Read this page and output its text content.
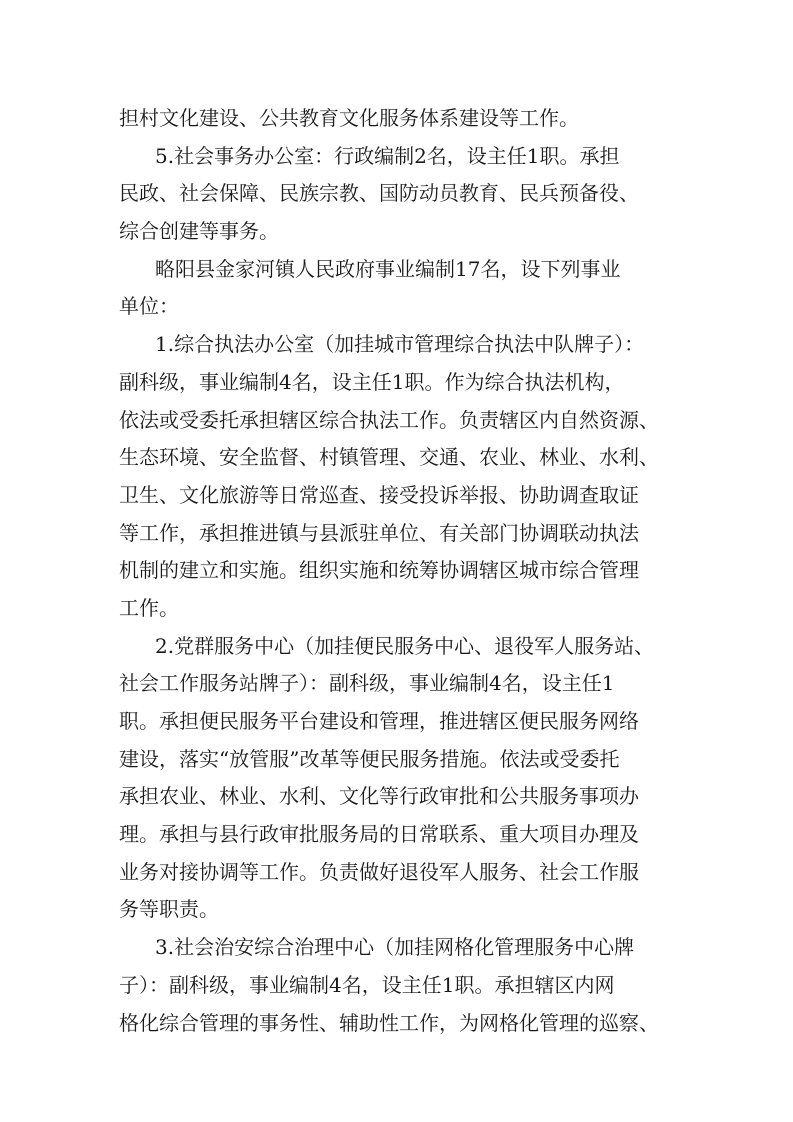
担村文化建设、公共教育文化服务体系建设等工作。
5.社会事务办公室：行政编制2名，设主任1职。承担
民政、社会保障、民族宗教、国防动员教育、民兵预备役、
综合创建等事务。
略阳县金家河镇人民政府事业编制17名，设下列事业
单位：
1.综合执法办公室（加挂城市管理综合执法中队牌子）：
副科级，事业编制4名，设主任1职。作为综合执法机构，
依法或受委托承担辖区综合执法工作。负责辖区内自然资源、
生态环境、安全监督、村镇管理、交通、农业、林业、水利、
卫生、文化旅游等日常巡查、接受投诉举报、协助调查取证
等工作，承担推进镇与县派驻单位、有关部门协调联动执法
机制的建立和实施。组织实施和统筹协调辖区城市综合管理
工作。
2.党群服务中心（加挂便民服务中心、退役军人服务站、
社会工作服务站牌子）：副科级，事业编制4名，设主任1
职。承担便民服务平台建设和管理，推进辖区便民服务网络
建设，落实“放管服”改革等便民服务措施。依法或受委托
承担农业、林业、水利、文化等行政审批和公共服务事项办
理。承担与县行政审批服务局的日常联系、重大项目办理及
业务对接协调等工作。负责做好退役军人服务、社会工作服
务等职责。
3.社会治安综合治理中心（加挂网格化管理服务中心牌
子）：副科级，事业编制4名，设主任1职。承担辖区内网
格化综合管理的事务性、辅助性工作，为网格化管理的巡察、
